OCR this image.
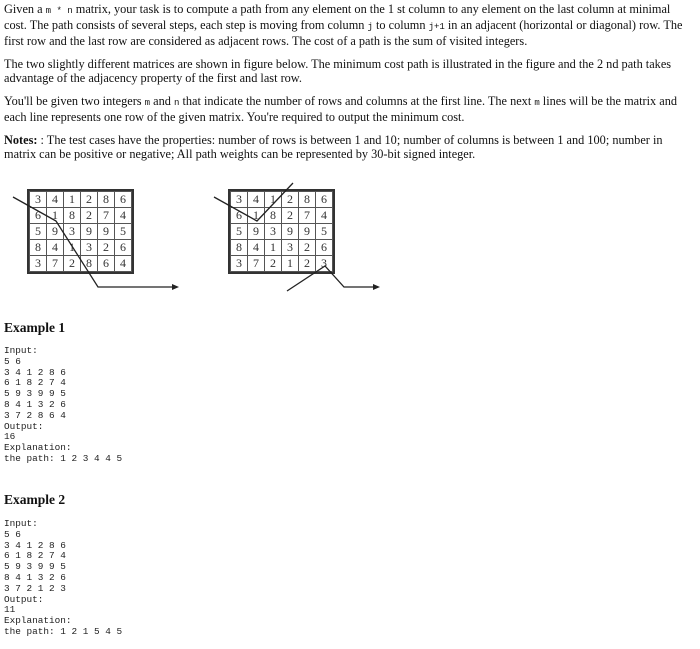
Given a m * n matrix, your task is to compute a path from any element on the 1 st column to any element on the last column at minimal cost. The path consists of several steps, each step is moving from column j to column j+1 in an adjacent (horizontal or diagonal) row. The first row and the last row are considered as adjacent rows. The cost of a path is the sum of visited integers.

The two slightly different matrices are shown in figure below. The minimum cost path is illustrated in the figure and the 2 nd path takes advantage of the adjacency property of the first and last row.

You'll be given two integers m and n that indicate the number of rows and columns at the first line. The next m lines will be the matrix and each line represents one row of the given matrix. You're required to output the minimum cost.

Notes: : The test cases have the properties: number of rows is between 1 and 10; number of columns is between 1 and 100; number in matrix can be positive or negative; All path weights can be represented by 30-bit signed integer.

3	4	1	2	8	6
6	1	8	2	7	4
5	9	3	9	9	5
8	4	1	3	2	6
3	7	2	8	6	4
3	4	1	2	8	6
6	1	8	2	7	4
5	9	3	9	9	5
8	4	1	3	2	6
3	7	2	1	2	3
Example 1
Input:
5 6
3 4 1 2 8 6
6 1 8 2 7 4
5 9 3 9 9 5
8 4 1 3 2 6
3 7 2 8 6 4
Output:
16
Explanation:
the path: 1 2 3 4 4 5
Example 2
Input:
5 6
3 4 1 2 8 6
6 1 8 2 7 4
5 9 3 9 9 5
8 4 1 3 2 6
3 7 2 1 2 3
Output:
11
Explanation:
the path: 1 2 1 5 4 5
